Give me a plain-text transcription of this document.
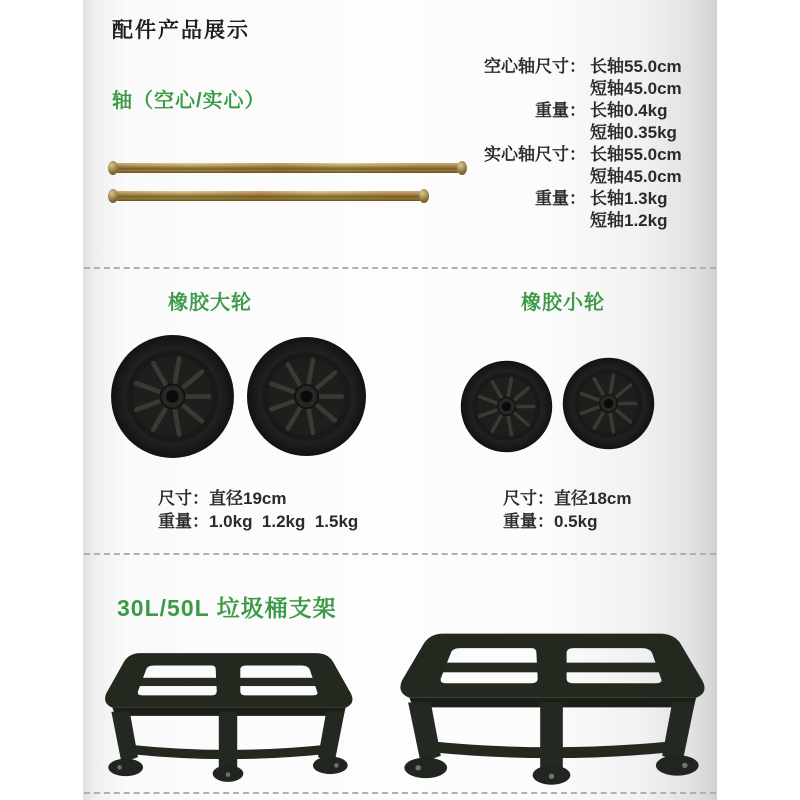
配件产品展示
轴（空心/实心）
空心轴尺寸： 长轴55.0cm
短轴45.0cm
重量： 长轴0.4kg
短轴0.35kg
实心轴尺寸： 长轴55.0cm
短轴45.0cm
重量： 长轴1.3kg
短轴1.2kg
橡胶大轮	橡胶小轮
尺寸：直径19cm
重量：1.0kg  1.2kg  1.5kg
尺寸：直径18cm
重量：0.5kg
30L/50L 垃圾桶支架
